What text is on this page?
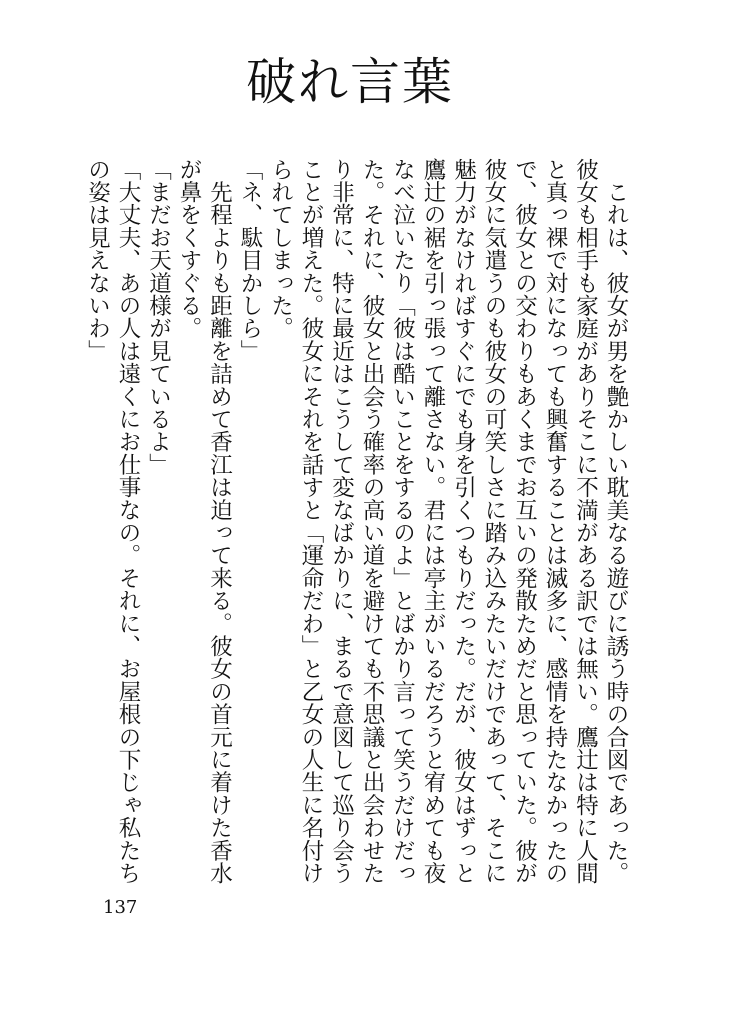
破れ言葉

　これは、彼女が男を艶かしい耽美なる遊びに誘う時の合図であった。彼女も相手も家庭がありそこに不満がある訳では無い。鷹辻は特に人間と真っ裸で対になっても興奮することは滅多に、感情を持たなかったので、彼女との交わりもあくまでお互いの発散ためだと思っていた。彼が彼女に気遣うのも彼女の可笑しさに踏み込みたいだけであって、そこに魅力がなければすぐにでも身を引くつもりだった。だが、彼女はずっと鷹辻の裾を引っ張って離さない。君には亭主がいるだろうと宥めても夜なべ泣いたり「彼は酷いことをするのよ」とばかり言って笑うだけだった。それに、彼女と出会う確率の高い道を避けても不思議と出会わせたり非常に、特に最近はこうして変なばかりに、まるで意図して巡り会うことが増えた。彼女にそれを話すと「運命だわ」と乙女の人生に名付けられてしまった。

「ネ、駄目かしら」

　先程よりも距離を詰めて香江は迫って来る。彼女の首元に着けた香水が鼻をくすぐる。

「まだお天道様が見ているよ」

「大丈夫、あの人は遠くにお仕事なの。それに、お屋根の下じゃ私たちの姿は見えないわ」

137
